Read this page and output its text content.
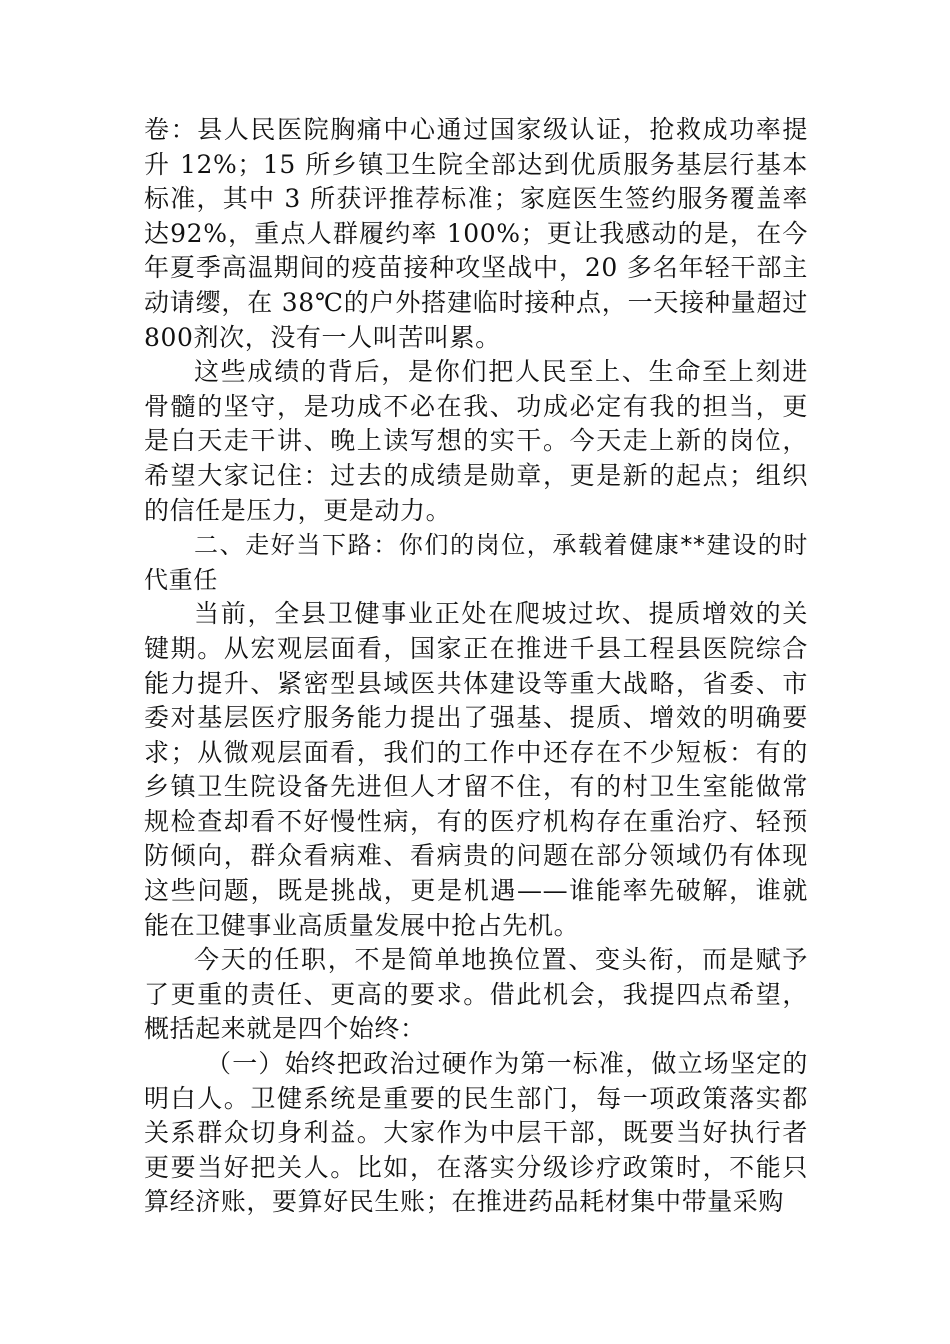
卷：县人民医院胸痛中心通过国家级认证，抢救成功率提升 12%；15 所乡镇卫生院全部达到优质服务基层行基本标准，其中 3 所获评推荐标准；家庭医生签约服务覆盖率达92%，重点人群履约率 100%；更让我感动的是，在今年夏季高温期间的疫苗接种攻坚战中，20 多名年轻干部主动请缨，在 38℃的户外搭建临时接种点，一天接种量超过 800剂次，没有一人叫苦叫累。

这些成绩的背后，是你们把人民至上、生命至上刻进骨髓的坚守，是功成不必在我、功成必定有我的担当，更是白天走干讲、晚上读写想的实干。今天走上新的岗位，希望大家记住：过去的成绩是勋章，更是新的起点；组织的信任是压力，更是动力。

二、走好当下路：你们的岗位，承载着健康**建设的时代重任

当前，全县卫健事业正处在爬坡过坎、提质增效的关键期。从宏观层面看，国家正在推进千县工程县医院综合能力提升、紧密型县域医共体建设等重大战略，省委、市委对基层医疗服务能力提出了强基、提质、增效的明确要求；从微观层面看，我们的工作中还存在不少短板：有的乡镇卫生院设备先进但人才留不住，有的村卫生室能做常规检查却看不好慢性病，有的医疗机构存在重治疗、轻预防倾向，群众看病难、看病贵的问题在部分领域仍有体现这些问题，既是挑战，更是机遇——谁能率先破解，谁就能在卫健事业高质量发展中抢占先机。

今天的任职，不是简单地换位置、变头衔，而是赋予了更重的责任、更高的要求。借此机会，我提四点希望，概括起来就是四个始终：

（一）始终把政治过硬作为第一标准，做立场坚定的明白人。卫健系统是重要的民生部门，每一项政策落实都关系群众切身利益。大家作为中层干部，既要当好执行者更要当好把关人。比如，在落实分级诊疗政策时，不能只算经济账，要算好民生账；在推进药品耗材集中带量采购
